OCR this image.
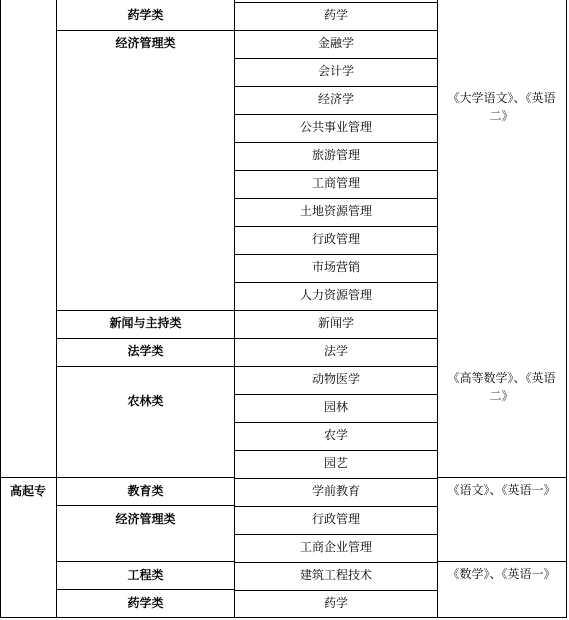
高起专
药学类
经济管理类
新闻与主持类
法学类
农林类
教育类
经济管理类
工程类
药学类
药学
金融学
会计学
经济学
公共事业管理
旅游管理
工商管理
土地资源管理
行政管理
市场营销
人力资源管理
新闻学
法学
动物医学
园林
农学
园艺
学前教育
行政管理
工商企业管理
建筑工程技术
药学
《大学语文》、《英语二》
《高等数学》、《英语二》
《语文》、《英语一》
《数学》、《英语一》
